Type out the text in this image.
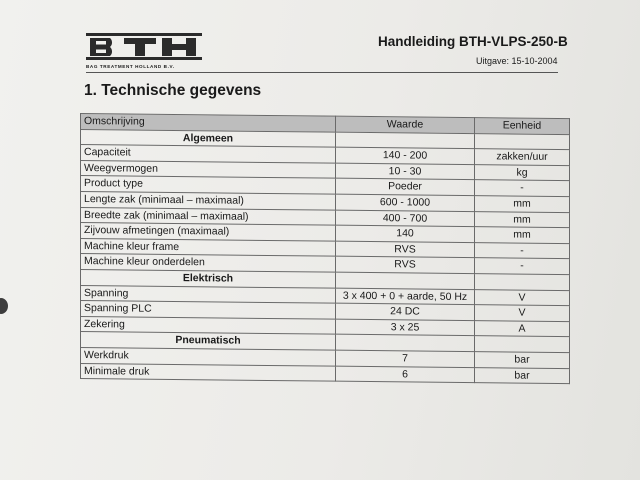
BAG TREATMENT HOLLAND B.V.
Handleiding BTH-VLPS-250-B
Uitgave: 15-10-2004
1. Technische gegevens
Omschrijving	Waarde	Eenheid
Algemeen		
Capaciteit	140 - 200	zakken/uur
Weegvermogen	10 - 30	kg
Product type	Poeder	-
Lengte zak (minimaal – maximaal)	600 - 1000	mm
Breedte zak (minimaal – maximaal)	400 - 700	mm
Zijvouw afmetingen (maximaal)	140	mm
Machine kleur frame	RVS	-
Machine kleur onderdelen	RVS	-
Elektrisch		
Spanning	3 x 400 + 0 + aarde, 50 Hz	V
Spanning PLC	24 DC	V
Zekering	3 x 25	A
Pneumatisch		
Werkdruk	7	bar
Minimale druk	6	bar
